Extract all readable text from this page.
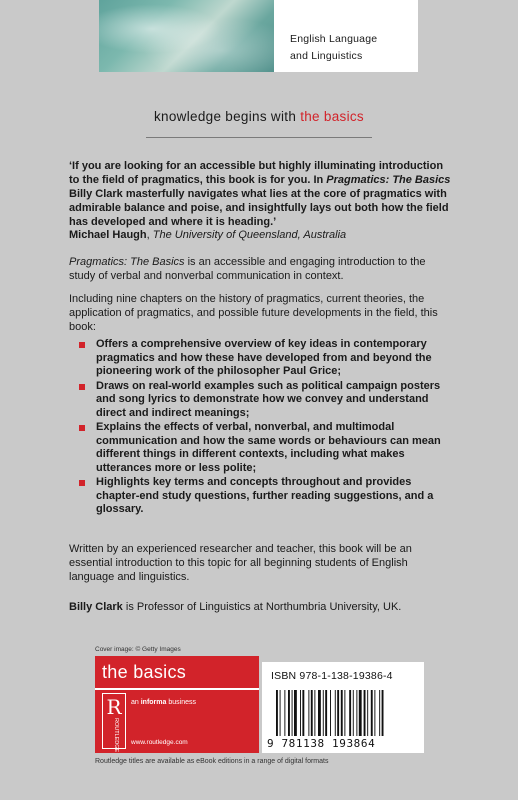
English Language
and Linguistics
knowledge begins with the basics
‘If you are looking for an accessible but highly illuminating introduction to the field of pragmatics, this book is for you. In Pragmatics: The Basics Billy Clark masterfully navigates what lies at the core of pragmatics with admirable balance and poise, and insightfully lays out both how the field has developed and where it is heading.’
Michael Haugh, The University of Queensland, Australia
Pragmatics: The Basics is an accessible and engaging introduction to the study of verbal and nonverbal communication in context.
Including nine chapters on the history of pragmatics, current theories, the application of pragmatics, and possible future developments in the field, this book:
Offers a comprehensive overview of key ideas in contemporary pragmatics and how these have developed from and beyond the pioneering work of the philosopher Paul Grice;
Draws on real-world examples such as political campaign posters and song lyrics to demonstrate how we convey and understand direct and indirect meanings;
Explains the effects of verbal, nonverbal, and multimodal communication and how the same words or behaviours can mean different things in different contexts, including what makes utterances more or less polite;
Highlights key terms and concepts throughout and provides chapter-end study questions, further reading suggestions, and a glossary.
Written by an experienced researcher and teacher, this book will be an essential introduction to this topic for all beginning students of English language and linguistics.
Billy Clark is Professor of Linguistics at Northumbria University, UK.
Cover image: © Getty Images
the basics
R
ROUTLEDGE
an informa business
www.routledge.com
ISBN 978-1-138-19386-4
9 781138 193864
Routledge titles are available as eBook editions in a range of digital formats
